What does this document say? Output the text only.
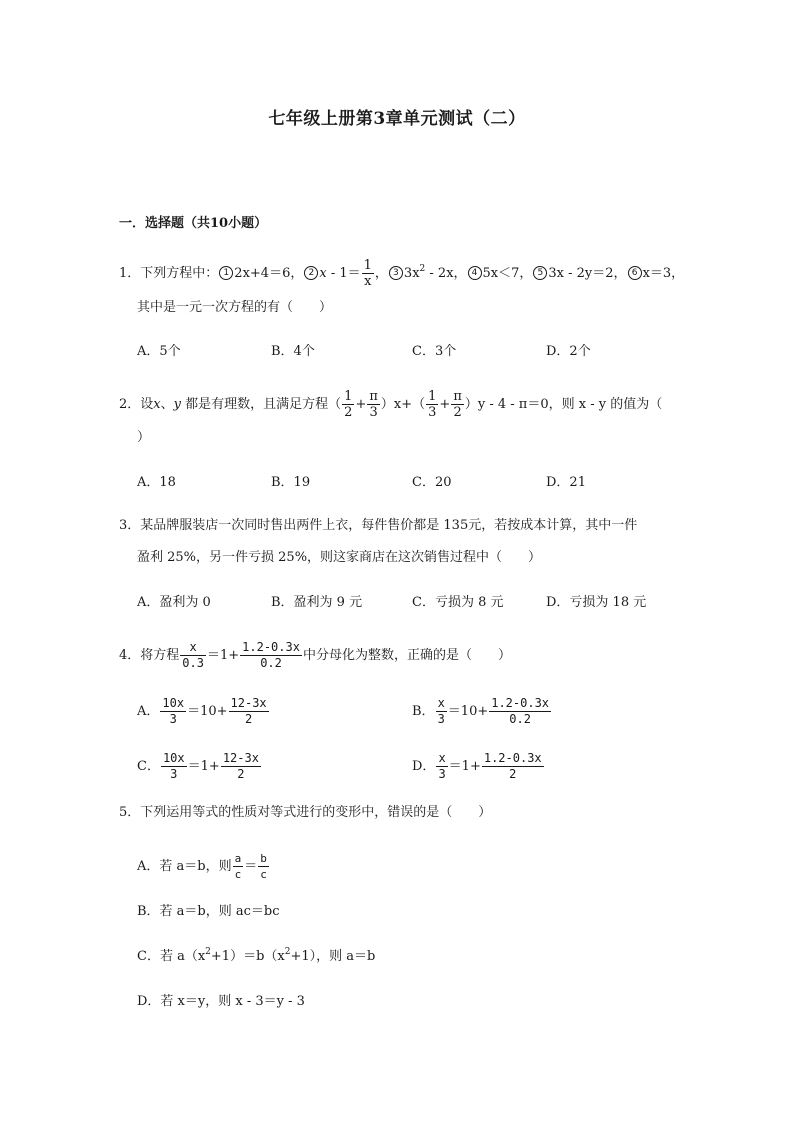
七年级上册第3章单元测试（二）
一．选择题（共10小题）
1．下列方程中： 1 2x+4＝6， 2 $x - 1= \frac{1}{x}$ ， 3 $3x^2 - 2x$， 4 5x＜7， 5 3x - 2y＝2， 6 x＝3，
其中是一元一次方程的有（　　）
A．5个	B．4个	C．3个	D．2个
2．设x、y 都是有理数，且满足方程（ $\frac{1}{2} + \frac{\pi}{3} )x+( \frac{1}{3} + \frac{\pi}{2} )y - 4 - \pi=0$，则 x - y 的值为（
）
A．18	B．19	C．20	D．21
3．某品牌服装店一次同时售出两件上衣，每件售价都是 135元，若按成本计算，其中一件
盈利 25%，另一件亏损 25%，则这家商店在这次销售过程中（　　）
A．盈利为 0	B．盈利为 9 元	C．亏损为 8 元	D．亏损为 18 元
4．将方程 $\frac{x}{0.3} =1+ \frac{1.2-0.3x}{0.2}$ 中分母化为整数，正确的是（　　）
A． $\frac{10x}{3} =10+ \frac{12-3x}{2}$	B． $\frac{x}{3} =10+ \frac{1.2-0.3x}{0.2}$
C． $\frac{10x}{3} =1+ \frac{12-3x}{2}$	D． $\frac{x}{3} =1+ \frac{1.2-0.3x}{2}$
5．下列运用等式的性质对等式进行的变形中，错误的是（　　）
A．若 a＝b，则 $\frac{a}{c} = \frac{b}{c}$
B．若 a＝b，则 ac＝bc
C．若 $a(x^2+1)=b(x^2+1)$，则 a＝b
D．若 x＝y，则 x - 3＝y - 3
